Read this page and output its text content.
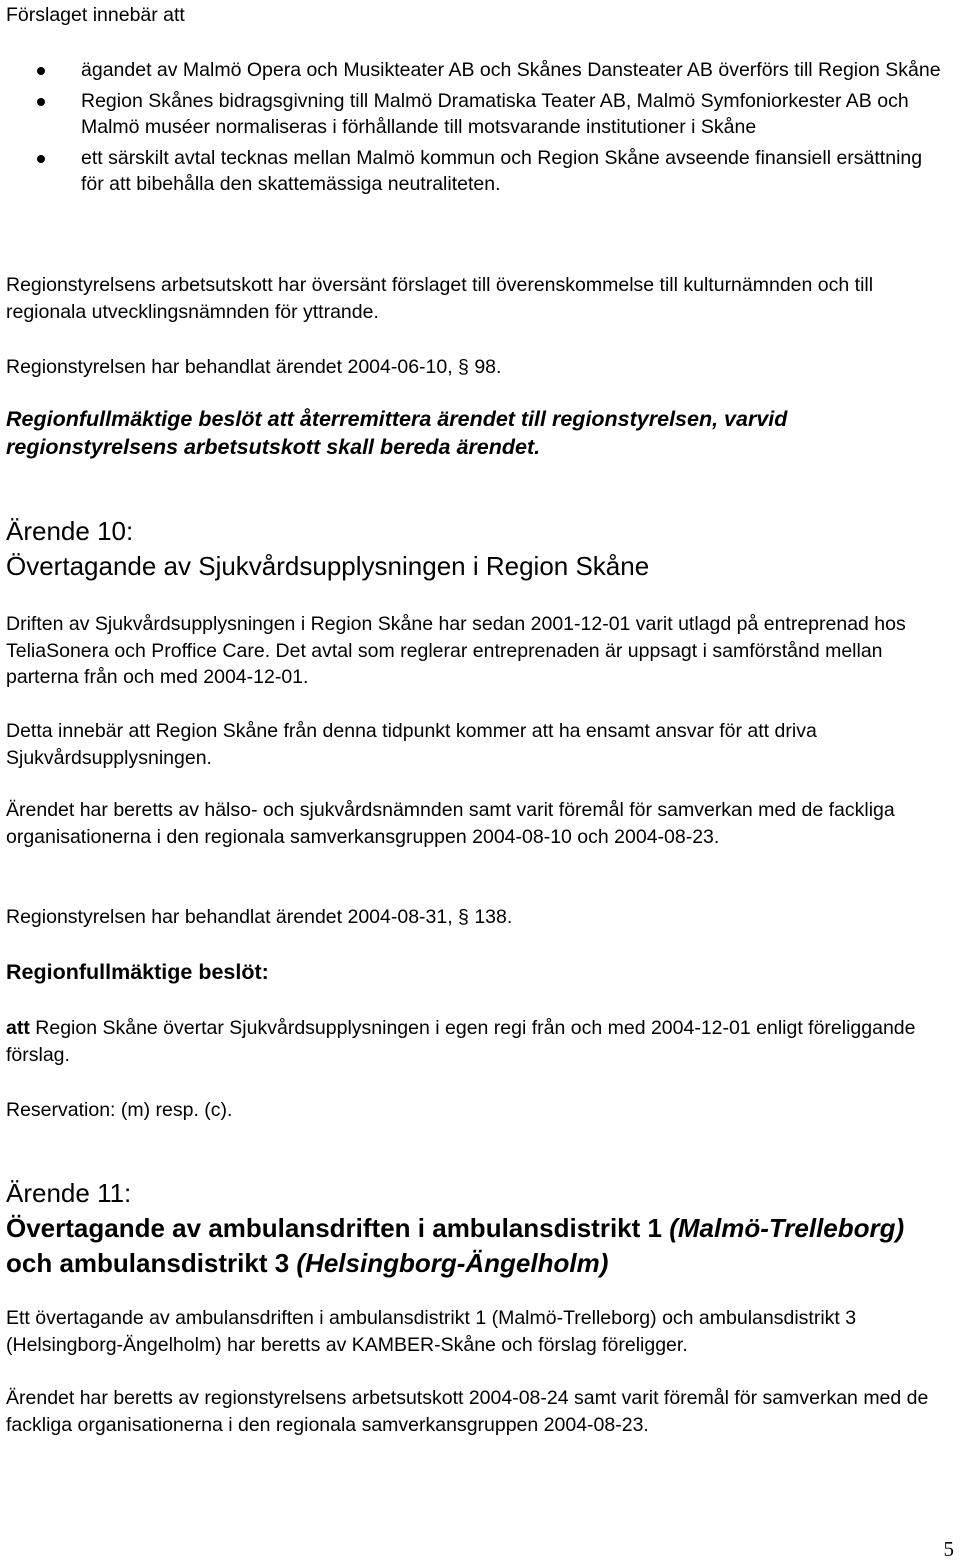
Förslaget innebär att

ägandet av Malmö Opera och Musikteater AB och Skånes Dansteater AB överförs till Region Skåne
Region Skånes bidragsgivning till Malmö Dramatiska Teater AB, Malmö Symfoniorkester AB och Malmö muséer normaliseras i förhållande till motsvarande institutioner i Skåne
ett särskilt avtal tecknas mellan Malmö kommun och Region Skåne avseende finansiell ersättning för att bibehålla den skattemässiga neutraliteten.

Regionstyrelsens arbetsutskott har översänt förslaget till överenskommelse till kulturnämnden och till regionala utvecklingsnämnden för yttrande.

Regionstyrelsen har behandlat ärendet 2004-06-10, § 98.

Regionfullmäktige beslöt att återremittera ärendet till regionstyrelsen, varvid regionstyrelsens arbetsutskott skall bereda ärendet.

Ärende 10:
Övertagande av Sjukvårdsupplysningen i Region Skåne

Driften av Sjukvårdsupplysningen i Region Skåne har sedan 2001-12-01 varit utlagd på entreprenad hos TeliaSonera och Proffice Care. Det avtal som reglerar entreprenaden är uppsagt i samförstånd mellan parterna från och med 2004-12-01.

Detta innebär att Region Skåne från denna tidpunkt kommer att ha ensamt ansvar för att driva Sjukvårdsupplysningen.

Ärendet har beretts av hälso- och sjukvårdsnämnden samt varit föremål för samverkan med de fackliga organisationerna i den regionala samverkansgruppen 2004-08-10 och 2004-08-23.

Regionstyrelsen har behandlat ärendet 2004-08-31, § 138.

Regionfullmäktige beslöt:

att Region Skåne övertar Sjukvårdsupplysningen i egen regi från och med 2004-12-01 enligt föreliggande förslag.

Reservation: (m) resp. (c).

Ärende 11:
Övertagande av ambulansdriften i ambulansdistrikt 1 (Malmö-Trelleborg) och ambulansdistrikt 3 (Helsingborg-Ängelholm)

Ett övertagande av ambulansdriften i ambulansdistrikt 1 (Malmö-Trelleborg) och ambulansdistrikt 3 (Helsingborg-Ängelholm) har beretts av KAMBER-Skåne och förslag föreligger.

Ärendet har beretts av regionstyrelsens arbetsutskott 2004-08-24 samt varit föremål för samverkan med de fackliga organisationerna i den regionala samverkansgruppen 2004-08-23.

5
